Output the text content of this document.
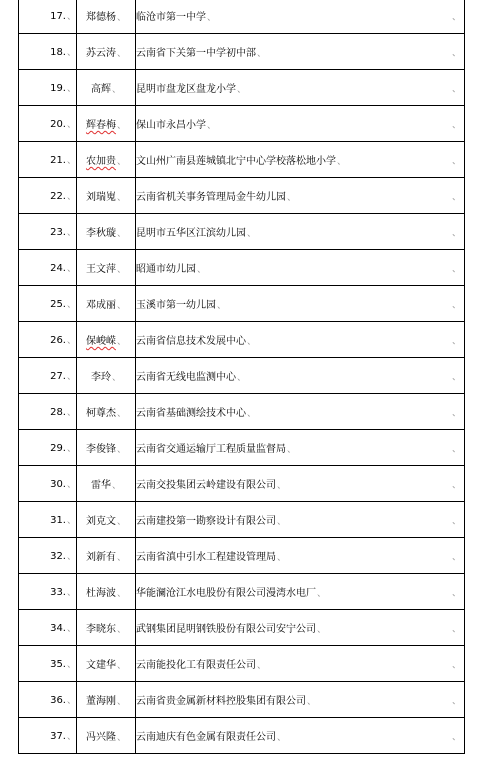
17.、	郑德杨、	临沧市第一中学、 、

18.、	苏云涛、	云南省下关第一中学初中部、 、

19.、	高辉、	昆明市盘龙区盘龙小学、 、

20.、	辉春梅、	保山市永昌小学、 、

21.、	农加贵、	文山州广南县莲城镇北宁中心学校落松地小学、 、

22.、	刘瑞嵬、	云南省机关事务管理局金牛幼儿园、 、

23.、	李秋璇、	昆明市五华区江滨幼儿园、 、

24.、	王文萍、	昭通市幼儿园、 、

25.、	邓成丽、	玉溪市第一幼儿园、 、

26.、	保峻嵘、	云南省信息技术发展中心、 、

27.、	李玲、	云南省无线电监测中心、 、

28.、	柯尊杰、	云南省基础测绘技术中心、 、

29.、	李俊锋、	云南省交通运输厅工程质量监督局、 、

30.、	雷华、	云南交投集团云岭建设有限公司、 、

31.、	刘克文、	云南建投第一勘察设计有限公司、 、

32.、	刘新有、	云南省滇中引水工程建设管理局、 、

33.、	杜海波、	华能澜沧江水电股份有限公司漫湾水电厂、 、

34.、	李晓东、	武钢集团昆明钢铁股份有限公司安宁公司、 、

35.、	文建华、	云南能投化工有限责任公司、 、

36.、	董海刚、	云南省贵金属新材料控股集团有限公司、 、

37.、	冯兴隆、	云南迪庆有色金属有限责任公司、 、
